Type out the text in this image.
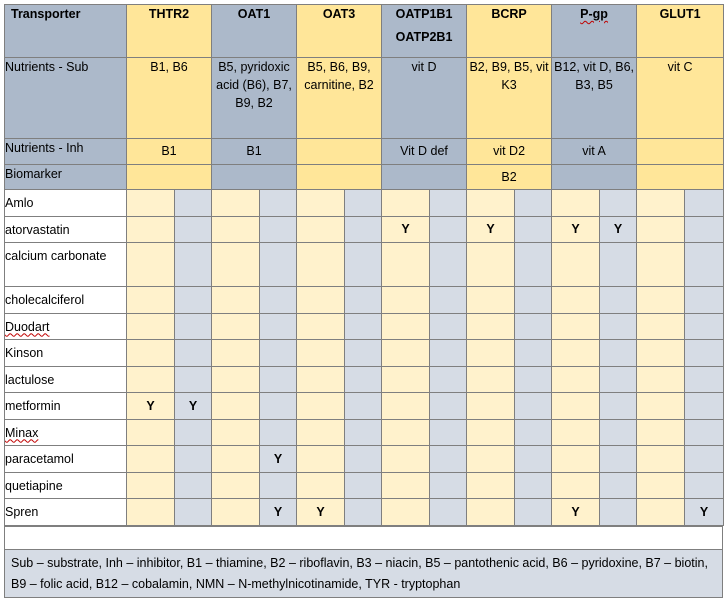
Transporter	THTR2		OAT1		OAT3		OATP1B1
OATP2B1		BCRP		P-gp		GLUT1	
Nutrients - Sub	B1, B6		B5, pyridoxic acid (B6), B7, B9, B2		B5, B6, B9, carnitine, B2		vit D		B2, B9, B5, vit K3		B12, vit D, B6, B3, B5		vit C	
Nutrients - Inh	B1		B1				Vit D def		vit D2		vit A			
Biomarker									B2					
Amlo														
atorvastatin							Y		Y		Y	Y		
calcium carbonate														
cholecalciferol														
Duodart														
Kinson														
lactulose														
metformin	Y	Y												
Minax														
paracetamol				Y										
quetiapine														
Spren				Y	Y						Y			Y

Sub – substrate, Inh – inhibitor, B1 – thiamine, B2 – riboflavin, B3 – niacin, B5 – pantothenic acid, B6 – pyridoxine, B7 – biotin, B9 – folic acid, B12 – cobalamin, NMN – N-methylnicotinamide, TYR - tryptophan
